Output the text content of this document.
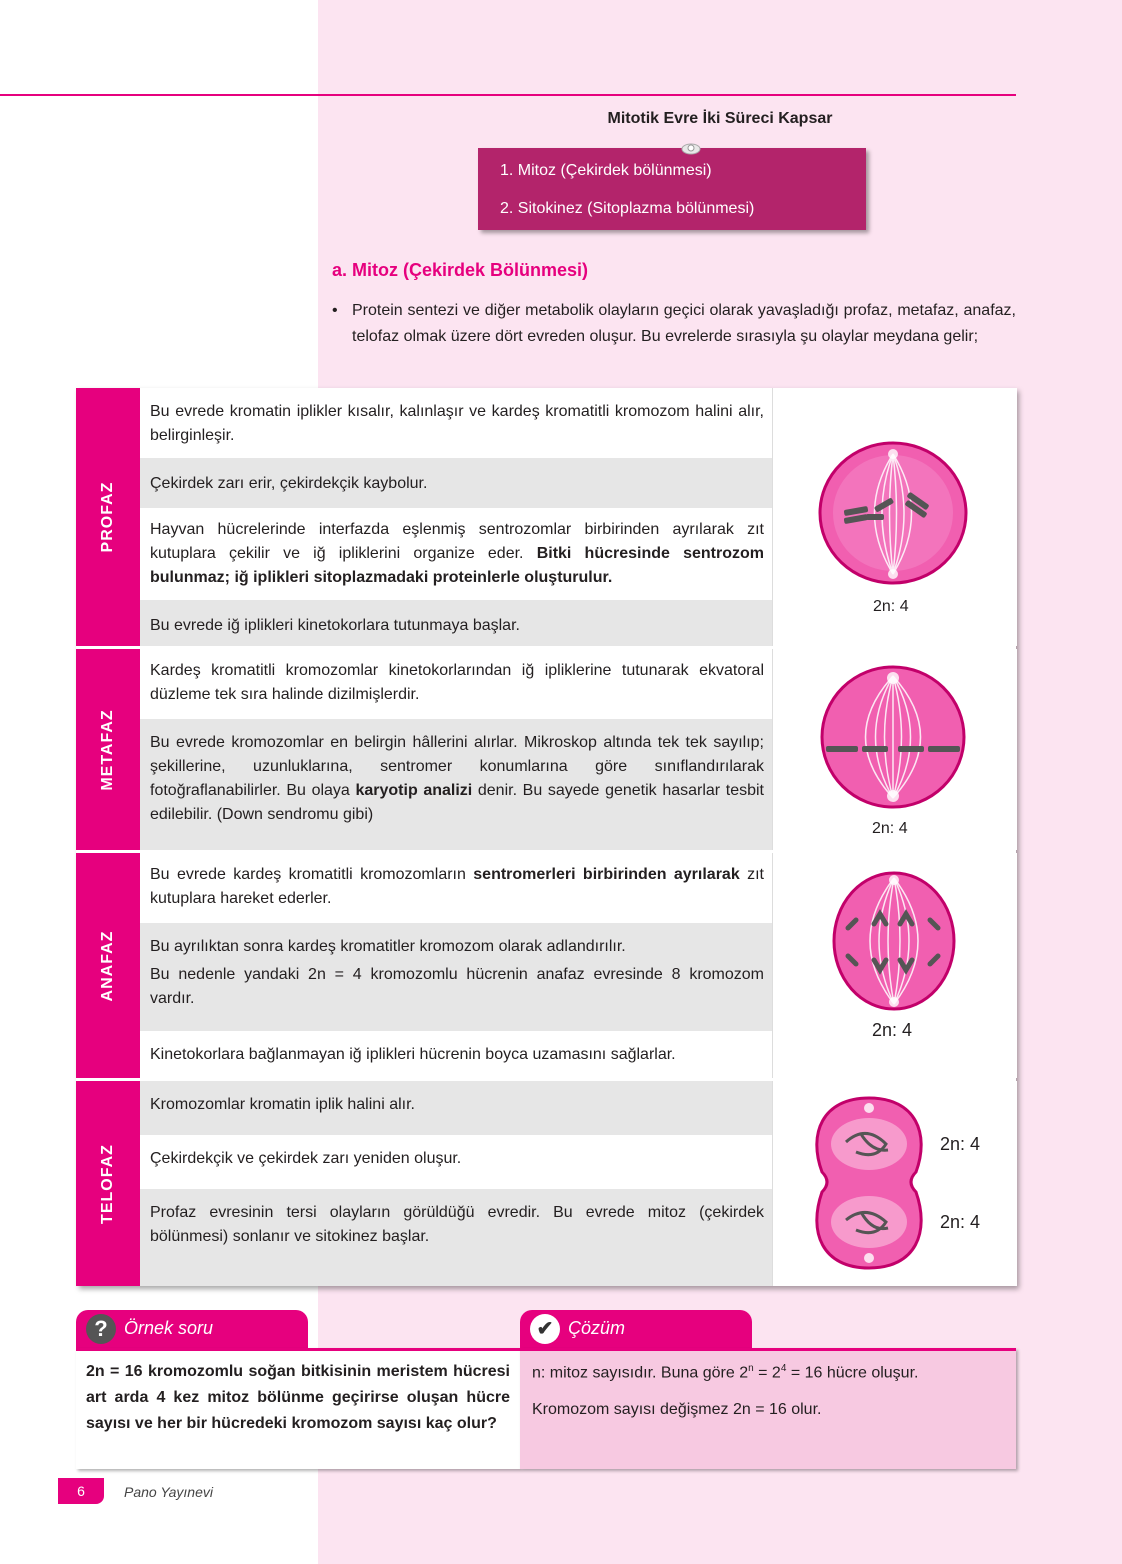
Mitotik Evre İki Süreci Kapsar
1. Mitoz (Çekirdek bölünmesi)
2. Sitokinez (Sitoplazma bölünmesi)
a. Mitoz (Çekirdek Bölünmesi)
• Protein sentezi ve diğer metabolik olayların geçici olarak yavaşladığı profaz, metafaz, anafaz, telofaz olmak üzere dört evreden oluşur. Bu evrelerde sırasıyla şu olaylar meydana gelir;
PROFAZ
METAFAZ
ANAFAZ
TELOFAZ
Bu evrede kromatin iplikler kısalır, kalınlaşır ve kardeş kromatitli kromozom halini alır, belirginleşir.
Çekirdek zarı erir, çekirdekçik kaybolur.
Hayvan hücrelerinde interfazda eşlenmiş sentrozomlar birbirinden ayrılarak zıt kutuplara çekilir ve iğ ipliklerini organize eder. Bitki hücresinde sentrozom bulunmaz; iğ iplikleri sitoplazmadaki proteinlerle oluşturulur.
Bu evrede iğ iplikleri kinetokorlara tutunmaya başlar.
Kardeş kromatitli kromozomlar kinetokorlarından iğ ipliklerine tutunarak ekvatoral düzleme tek sıra halinde dizilmişlerdir.
Bu evrede kromozomlar en belirgin hâllerini alırlar. Mikroskop altında tek tek sayılıp; şekillerine, uzunluklarına, sentromer konumlarına göre sınıflandırılarak fotoğraflanabilirler. Bu olaya karyotip analizi denir. Bu sayede genetik hasarlar tesbit edilebilir. (Down sendromu gibi)
Bu evrede kardeş kromatitli kromozomların sentromerleri birbirinden ayrılarak zıt kutuplara hareket ederler.
Bu ayrılıktan sonra kardeş kromatitler kromozom olarak adlandırılır.
Bu nedenle yandaki 2n = 4 kromozomlu hücrenin anafaz evresinde 8 kromozom vardır.
Kinetokorlara bağlanmayan iğ iplikleri hücrenin boyca uzamasını sağlarlar.
Kromozomlar kromatin iplik halini alır.
Çekirdekçik ve çekirdek zarı yeniden oluşur.
Profaz evresinin tersi olayların görüldüğü evredir. Bu evrede mitoz (çekirdek bölünmesi) sonlanır ve sitokinez başlar.
2n: 4
2n: 4
2n: 4
2n: 4
2n: 4
? Örnek soru
2n = 16 kromozomlu soğan bitkisinin meristem hücresi art arda 4 kez mitoz bölünme geçirirse oluşan hücre sayısı ve her bir hücredeki kromozom sayısı kaç olur?
✔ Çözüm
n: mitoz sayısıdır. Buna göre $2^n = 2^4 = 16$ hücre oluşur.
Kromozom sayısı değişmez 2n = 16 olur.
6	Pano Yayınevi
